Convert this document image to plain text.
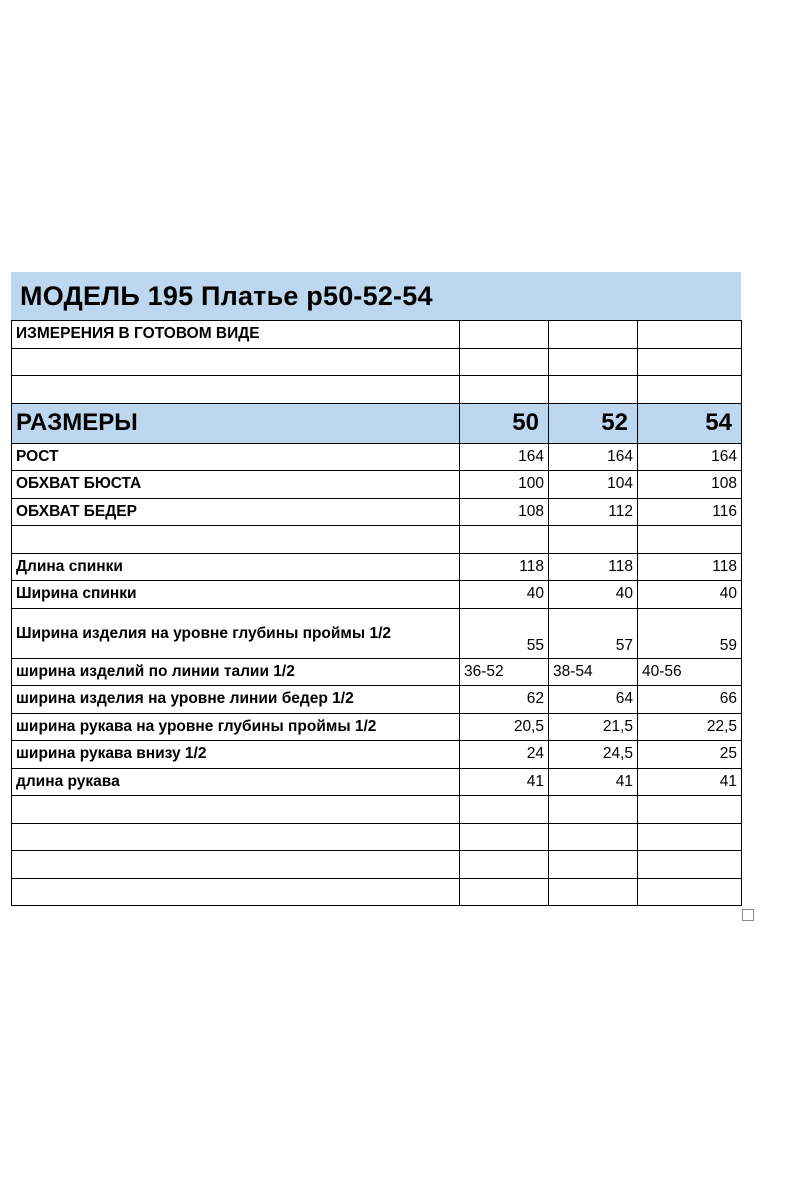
МОДЕЛЬ 195 Платье р50-52-54
ИЗМЕРЕНИЯ В ГОТОВОМ ВИДЕ			

РАЗМЕРЫ	50	52	54
РОСТ	164	164	164
ОБХВАТ БЮСТА	100	104	108
ОБХВАТ БЕДЕР	108	112	116

Длина спинки	118	118	118
Ширина спинки	40	40	40
Ширина изделия на уровне глубины проймы 1/2	55	57	59
ширина изделий по линии талии 1/2	36-52	38-54	40-56
ширина изделия на уровне линии бедер 1/2	62	64	66
ширина рукава на уровне глубины проймы 1/2	20,5	21,5	22,5
ширина рукава внизу 1/2	24	24,5	25
длина рукава	41	41	41
